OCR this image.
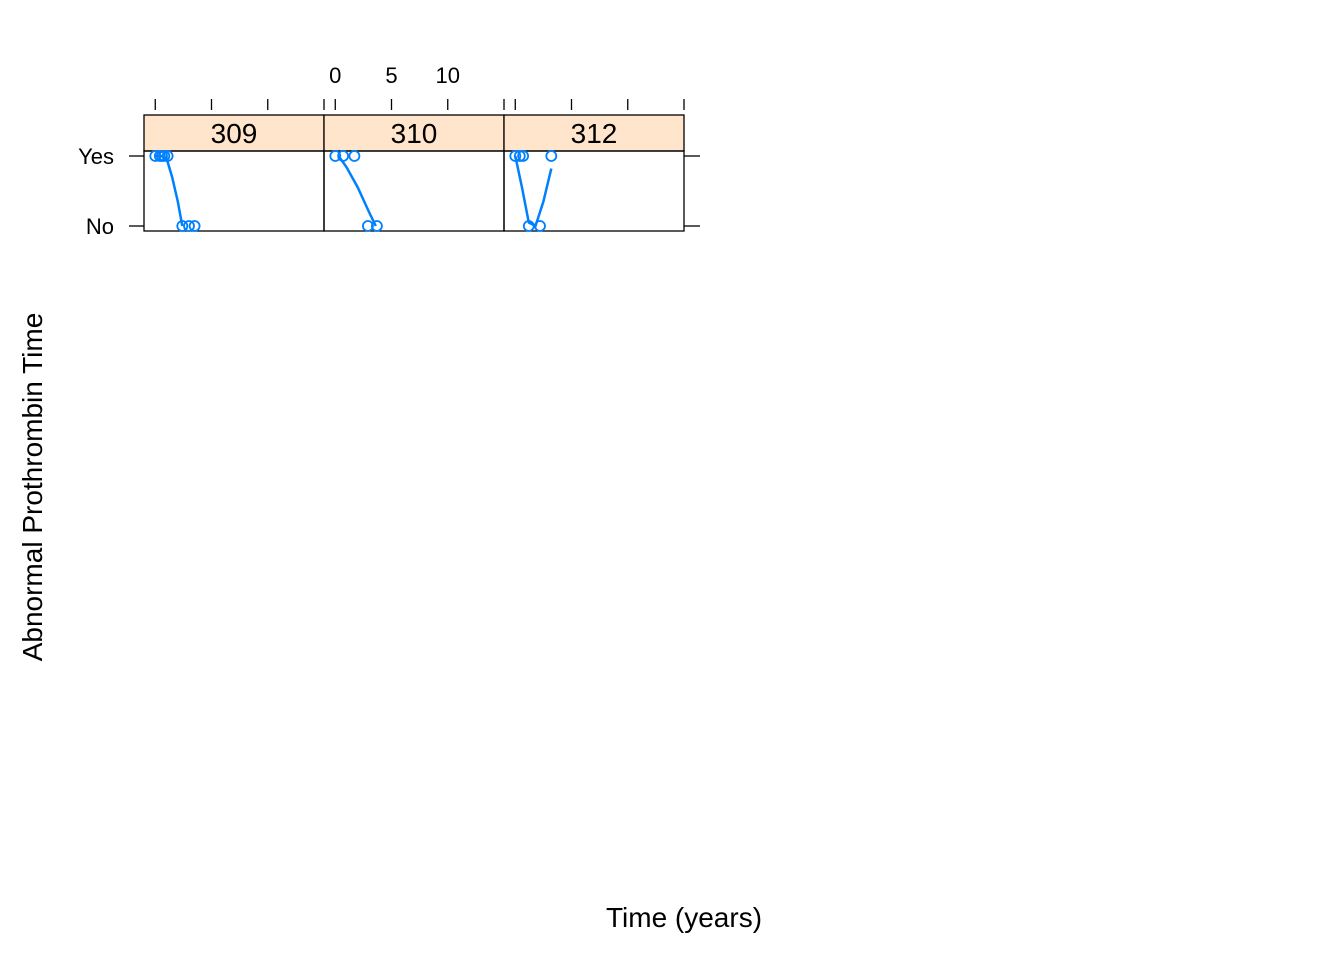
309	310	312
0 5 10
No
Yes
Time (years)
Abnormal Prothrombin Time
